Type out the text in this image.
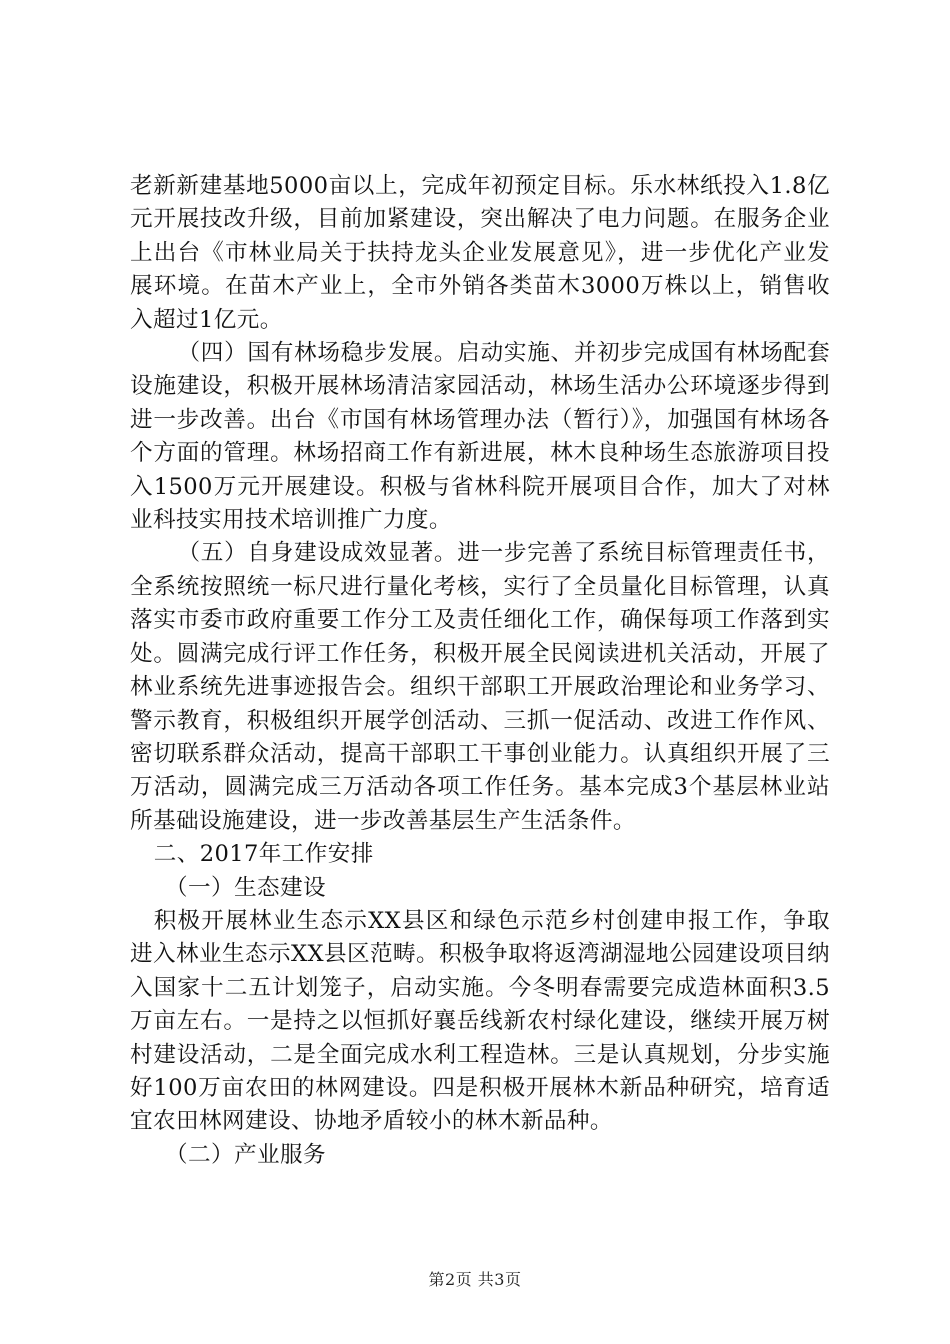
老新新建基地5000亩以上，完成年初预定目标。乐水林纸投入1.8亿元开展技改升级，目前加紧建设，突出解决了电力问题。在服务企业上出台《市林业局关于扶持龙头企业发展意见》，进一步优化产业发展环境。在苗木产业上，全市外销各类苗木3000万株以上，销售收入超过1亿元。

（四）国有林场稳步发展。启动实施、并初步完成国有林场配套设施建设，积极开展林场清洁家园活动，林场生活办公环境逐步得到进一步改善。出台《市国有林场管理办法（暂行）》，加强国有林场各个方面的管理。林场招商工作有新进展，林木良种场生态旅游项目投入1500万元开展建设。积极与省林科院开展项目合作，加大了对林业科技实用技术培训推广力度。

（五）自身建设成效显著。进一步完善了系统目标管理责任书，全系统按照统一标尺进行量化考核，实行了全员量化目标管理，认真落实市委市政府重要工作分工及责任细化工作，确保每项工作落到实处。圆满完成行评工作任务，积极开展全民阅读进机关活动，开展了林业系统先进事迹报告会。组织干部职工开展政治理论和业务学习、警示教育，积极组织开展学创活动、三抓一促活动、改进工作作风、密切联系群众活动，提高干部职工干事创业能力。认真组织开展了三万活动，圆满完成三万活动各项工作任务。基本完成3个基层林业站所基础设施建设，进一步改善基层生产生活条件。

二、2017年工作安排

（一）生态建设

积极开展林业生态示XX县区和绿色示范乡村创建申报工作，争取进入林业生态示XX县区范畴。积极争取将返湾湖湿地公园建设项目纳入国家十二五计划笼子，启动实施。今冬明春需要完成造林面积3.5万亩左右。一是持之以恒抓好襄岳线新农村绿化建设，继续开展万树村建设活动，二是全面完成水利工程造林。三是认真规划，分步实施好100万亩农田的林网建设。四是积极开展林木新品种研究，培育适宜农田林网建设、协地矛盾较小的林木新品种。

（二）产业服务

第2页 共3页
